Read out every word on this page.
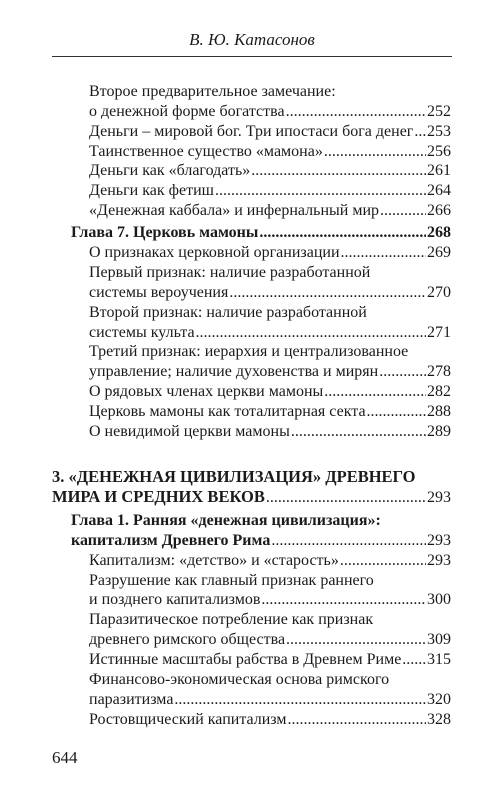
В. Ю. Катасонов
Второе предварительное замечание:
о денежной форме богатства .....	252
Деньги – мировой бог. Три ипостаси бога денег ..... 253
Таинственное существо «мамона» .....	256
Деньги как «благодать» .....	261
Деньги как фетиш .....	264
«Денежная каббала» и инфернальный мир .....	266
Глава 7. Церковь мамоны .....	268
О признаках церковной организации .....	269
Первый признак: наличие разработанной
системы вероучения .....	270
Второй признак: наличие разработанной
системы культа .....	271
Третий признак: иерархия и централизованное
управление; наличие духовенства и мирян .....	278
О рядовых членах церкви мамоны .....	282
Церковь мамоны как тоталитарная секта .....	288
О невидимой церкви мамоны .....	289
3. «ДЕНЕЖНАЯ ЦИВИЛИЗАЦИЯ» ДРЕВНЕГО
МИРА И СРЕДНИХ ВЕКОВ .....	293
Глава 1. Ранняя «денежная цивилизация»:
капитализм Древнего Рима .....	293
Капитализм: «детство» и «старость» .....	293
Разрушение как главный признак раннего
и позднего капитализмов .....	300
Паразитическое потребление как признак
древнего римского общества .....	309
Истинные масштабы рабства в Древнем Риме ..... 315
Финансово-экономическая основа римского
паразитизма .....	320
Ростовщический капитализм .....	328
644
